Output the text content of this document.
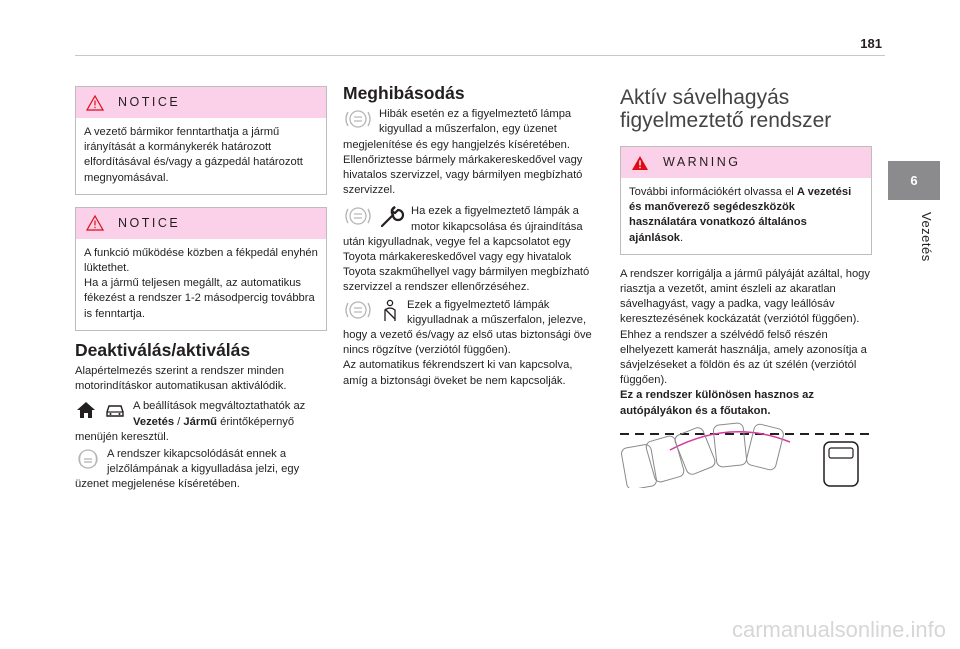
181
6
Vezetés
NOTICE
A vezető bármikor fenntarthatja a jármű irányítását a kormánykerék határozott elfordításával és/vagy a gázpedál határozott megnyomásával.
NOTICE
A funkció működése közben a fékpedál enyhén lüktethet.
Ha a jármű teljesen megállt, az automatikus fékezést a rendszer 1-2 másodpercig továbbra is fenntartja.
Deaktiválás/aktiválás

Alapértelmezés szerint a rendszer minden motorindításkor automatikusan aktiválódik.

A beállítások megváltoztathatók az Vezetés / Jármű érintőképernyő menüjén keresztül.

A rendszer kikapcsolódását ennek a jelzőlámpának a kigyulladása jelzi, egy üzenet megjelenése kíséretében.

Meghibásodás

Hibák esetén ez a figyelmeztető lámpa kigyullad a műszerfalon, egy üzenet megjelenítése és egy hangjelzés kíséretében.
Ellenőriztesse bármely márkakereskedővel vagy hivatalos szervizzel, vagy bármilyen megbízható szervizzel.

Ha ezek a figyelmeztető lámpák a motor kikapcsolása és újraindítása után kigyulladnak, vegye fel a kapcsolatot egy Toyota márkakereskedővel vagy egy hivatalok Toyota szakműhellyel vagy bármilyen megbízható szervizzel a rendszer ellenőrzéséhez.

Ezek a figyelmeztető lámpák kigyulladnak a műszerfalon, jelezve, hogy a vezető és/vagy az első utas biztonsági öve nincs rögzítve (verziótól függően).
Az automatikus fékrendszert ki van kapcsolva, amíg a biztonsági öveket be nem kapcsolják.

Aktív sávelhagyás figyelmeztető rendszer
WARNING
További információkért olvassa el A vezetési és manőverező segédeszközök használatára vonatkozó általános ajánlások.

A rendszer korrigálja a jármű pályáját azáltal, hogy riasztja a vezetőt, amint észleli az akaratlan sávelhagyást, vagy a padka, vagy leállósáv keresztezésének kockázatát (verziótól függően).
Ehhez a rendszer a szélvédő felső részén elhelyezett kamerát használja, amely azonosítja a sávjelzéseket a földön és az út szélén (verziótól függően).

Ez a rendszer különösen hasznos az autópályákon és a főutakon.

carmanualsonline.info
